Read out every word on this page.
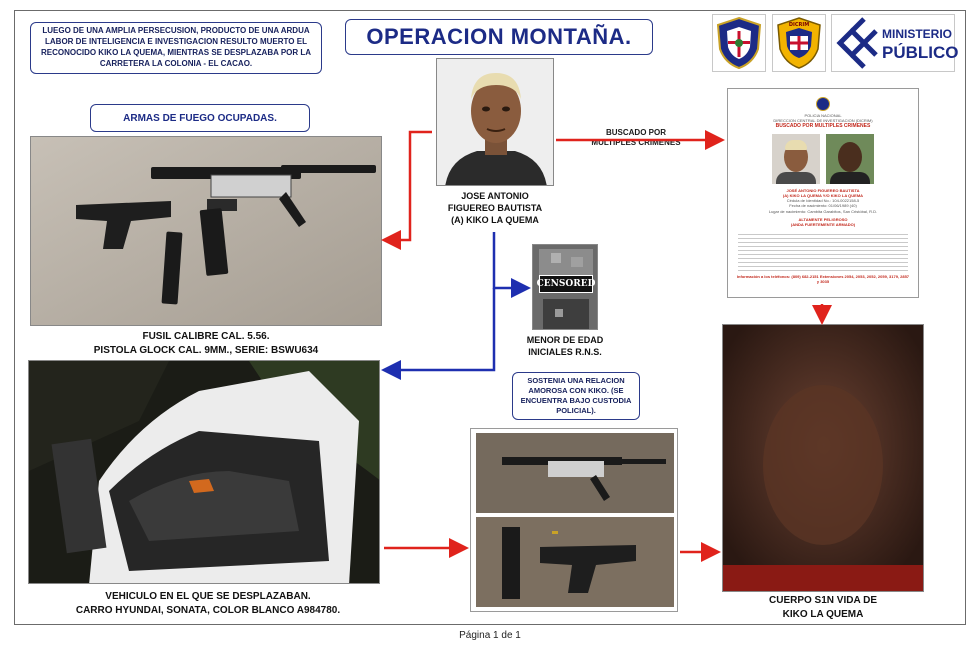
LUEGO DE UNA AMPLIA PERSECUSION, PRODUCTO DE UNA ARDUA LABOR DE INTELIGENCIA E INVESTIGACION RESULTO MUERTO EL RECONOCIDO KIKO LA QUEMA, MIENTRAS SE DESPLAZABA POR LA CARRETERA LA COLONIA - EL CACAO.
OPERACION MONTAÑA.	DICRIM
MINISTERIO
PÚBLICO
ARMAS DE FUEGO OCUPADAS.
FUSIL CALIBRE CAL. 5.56.
PISTOLA GLOCK CAL. 9MM., SERIE: BSWU634
JOSE ANTONIO
FIGUEREO BAUTISTA
(A) KIKO LA QUEMA
BUSCADO POR
MULTIPLES CRIMENES
POLICIA NACIONAL
DIRECCION CENTRAL DE INVESTIGACION (DICRIM)
BUSCADO POR MULTIPLES CRIMENES
JOSÉ ANTONIO FIGUEREO BAUTISTA
(A) KIKO LA QUEMA Y/O KIKO LA QUEMA
Cédula de Identidad No.: 104-0022158-5
Fecha de nacimiento: 01/06/1989 (40)
Lugar de nacimiento: Cambita Garabitos, San Cristóbal, R.D.
ALTAMENTE PELIGROSO
(ANDA FUERTEMENTE ARMADO)
Información a los teléfonos: (809) 682-2151 Extensiones 2054, 2053, 2052, 2059, 3179, 2857 y 3035
CENSORED
MENOR DE EDAD
INICIALES R.N.S.
SOSTENIA UNA RELACION AMOROSA CON KIKO. (SE ENCUENTRA BAJO CUSTODIA POLICIAL).
VEHICULO EN EL QUE SE DESPLAZABAN.
CARRO HYUNDAI, SONATA, COLOR BLANCO A984780.
CUERPO S1N VIDA DE
KIKO LA QUEMA
Página 1 de 1
